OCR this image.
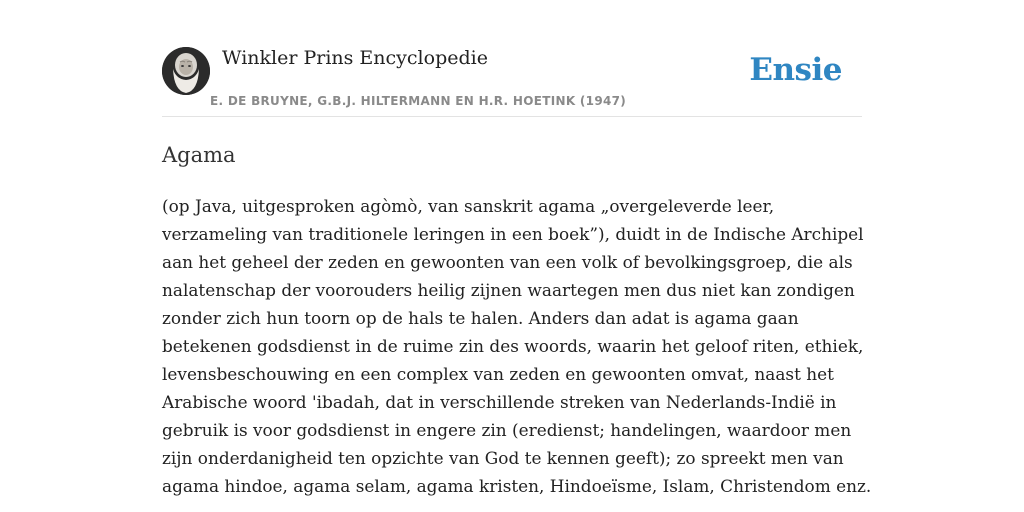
Winkler Prins Encyclopedie
E. DE BRUYNE, G.B.J. HILTERMANN EN H.R. HOETINK (1947)
Ensie
Agama

(op Java, uitgesproken agòmò, van sanskrit agama „overgeleverde leer,
verzameling van traditionele leringen in een boek”), duidt in de Indische Archipel
aan het geheel der zeden en gewoonten van een volk of bevolkingsgroep, die als
nalatenschap der voorouders heilig zijnen waartegen men dus niet kan zondigen
zonder zich hun toorn op de hals te halen. Anders dan adat is agama gaan
betekenen godsdienst in de ruime zin des woords, waarin het geloof riten, ethiek,
levensbeschouwing en een complex van zeden en gewoonten omvat, naast het
Arabische woord 'ibadah, dat in verschillende streken van Nederlands-Indië in
gebruik is voor godsdienst in engere zin (eredienst; handelingen, waardoor men
zijn onderdanigheid ten opzichte van God te kennen geeft); zo spreekt men van
agama hindoe, agama selam, agama kristen, Hindoeïsme, Islam, Christendom enz.
